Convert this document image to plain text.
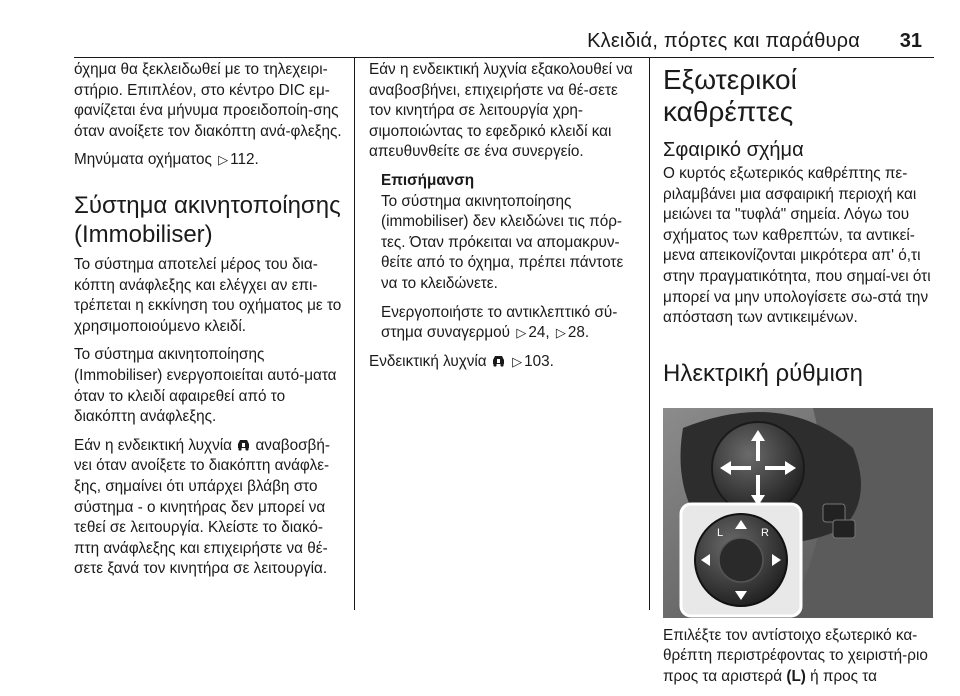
Κλειδιά, πόρτες και παράθυρα 31

όχημα θα ξεκλειδωθεί με το τηλεχειρι-στήριο. Επιπλέον, στο κέντρο DIC εμ-φανίζεται ένα μήνυμα προειδοποίη-σης όταν ανοίξετε τον διακόπτη ανά-φλεξης.

Μηνύματα οχήματος ▷ 112.

Σύστημα ακινητοποίησης (Immobiliser)

Το σύστημα αποτελεί μέρος του δια-κόπτη ανάφλεξης και ελέγχει αν επι-τρέπεται η εκκίνηση του οχήματος με το χρησιμοποιούμενο κλειδί.

Το σύστημα ακινητοποίησης (Immobiliser) ενεργοποιείται αυτό-ματα όταν το κλειδί αφαιρεθεί από το διακόπτη ανάφλεξης.

Εάν η ενδεικτική λυχνία αναβοσβή-νει όταν ανοίξετε το διακόπτη ανάφλε-ξης, σημαίνει ότι υπάρχει βλάβη στο σύστημα - ο κινητήρας δεν μπορεί να τεθεί σε λειτουργία. Κλείστε το διακό-πτη ανάφλεξης και επιχειρήστε να θέ-σετε ξανά τον κινητήρα σε λειτουργία.

Εάν η ενδεικτική λυχνία εξακολουθεί να αναβοσβήνει, επιχειρήστε να θέ-σετε τον κινητήρα σε λειτουργία χρη-σιμοποιώντας το εφεδρικό κλειδί και απευθυνθείτε σε ένα συνεργείο.

Επισήμανση

Το σύστημα ακινητοποίησης (immobiliser) δεν κλειδώνει τις πόρ-τες. Όταν πρόκειται να απομακρυν-θείτε από το όχημα, πρέπει πάντοτε να το κλειδώνετε.

Ενεργοποιήστε το αντικλεπτικό σύ-στημα συναγερμού ▷ 24, ▷ 28.

Ενδεικτική λυχνία ▷ 103.

Εξωτερικοί καθρέπτες
Σφαιρικό σχήμα

Ο κυρτός εξωτερικός καθρέπτης πε-ριλαμβάνει μια ασφαιρική περιοχή και μειώνει τα "τυφλά" σημεία. Λόγω του σχήματος των καθρεπτών, τα αντικεί-μενα απεικονίζονται μικρότερα απ' ό,τι στην πραγματικότητα, που σημαί-νει ότι μπορεί να μην υπολογίσετε σω-στά την απόσταση των αντικειμένων.

Ηλεκτρική ρύθμιση
L	R

Επιλέξτε τον αντίστοιχο εξωτερικό κα-θρέπτη περιστρέφοντας το χειριστή-ριο προς τα αριστερά (L) ή προς τα
